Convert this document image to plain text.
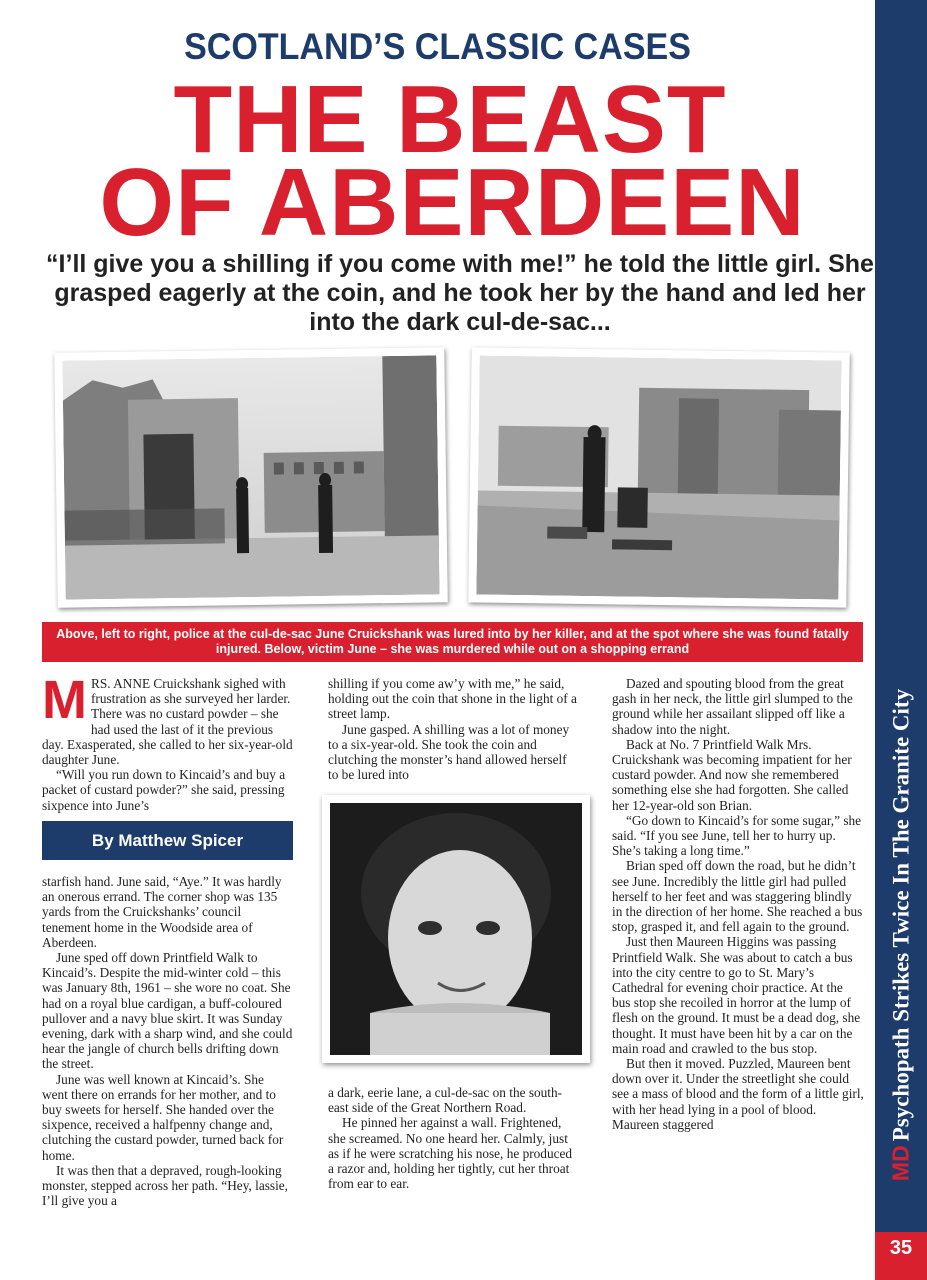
MDPsychopath Strikes Twice In The Granite City
35
SCOTLAND’S CLASSIC CASES
THE BEAST
OF ABERDEEN
“I’ll give you a shilling if you come with me!” he told the little girl. She grasped eagerly at the coin, and he took her by the hand and led her into the dark cul-de-sac...
Above, left to right, police at the cul-de-sac June Cruickshank was lured into by her killer, and at the spot where she was found fatally injured. Below, victim June – she was murdered while out on a shopping errand
M RS. ANNE Cruickshank sighed with frustration as she surveyed her larder. There was no custard powder – she had used the last of it the previous day. Exasperated, she called to her six-year-old daughter June.

“Will you run down to Kincaid’s and buy a packet of custard powder?” she said, pressing sixpence into June’s

By Matthew Spicer

starfish hand. June said, “Aye.” It was hardly an onerous errand. The corner shop was 135 yards from the Cruickshanks’ council tenement home in the Woodside area of Aberdeen.

June sped off down Printfield Walk to Kincaid’s. Despite the mid-winter cold – this was January 8th, 1961 – she wore no coat. She had on a royal blue cardigan, a buff-coloured pullover and a navy blue skirt. It was Sunday evening, dark with a sharp wind, and she could hear the jangle of church bells drifting down the street.

June was well known at Kincaid’s. She went there on errands for her mother, and to buy sweets for herself. She handed over the sixpence, received a halfpenny change and, clutching the custard powder, turned back for home.

It was then that a depraved, rough-looking monster, stepped across her path. “Hey, lassie, I’ll give you a

shilling if you come aw’y with me,” he said, holding out the coin that shone in the light of a street lamp.

June gasped. A shilling was a lot of money to a six-year-old. She took the coin and clutching the monster’s hand allowed herself to be lured into

a dark, eerie lane, a cul-de-sac on the south-east side of the Great Northern Road.

He pinned her against a wall. Frightened, she screamed. No one heard her. Calmly, just as if he were scratching his nose, he produced a razor and, holding her tightly, cut her throat from ear to ear.

Dazed and spouting blood from the great gash in her neck, the little girl slumped to the ground while her assailant slipped off like a shadow into the night.

Back at No. 7 Printfield Walk Mrs. Cruickshank was becoming impatient for her custard powder. And now she remembered something else she had forgotten. She called her 12-year-old son Brian.

“Go down to Kincaid’s for some sugar,” she said. “If you see June, tell her to hurry up. She’s taking a long time.”

Brian sped off down the road, but he didn’t see June. Incredibly the little girl had pulled herself to her feet and was staggering blindly in the direction of her home. She reached a bus stop, grasped it, and fell again to the ground.

Just then Maureen Higgins was passing Printfield Walk. She was about to catch a bus into the city centre to go to St. Mary’s Cathedral for evening choir practice. At the bus stop she recoiled in horror at the lump of flesh on the ground. It must be a dead dog, she thought. It must have been hit by a car on the main road and crawled to the bus stop.

But then it moved. Puzzled, Maureen bent down over it. Under the streetlight she could see a mass of blood and the form of a little girl, with her head lying in a pool of blood. Maureen staggered
